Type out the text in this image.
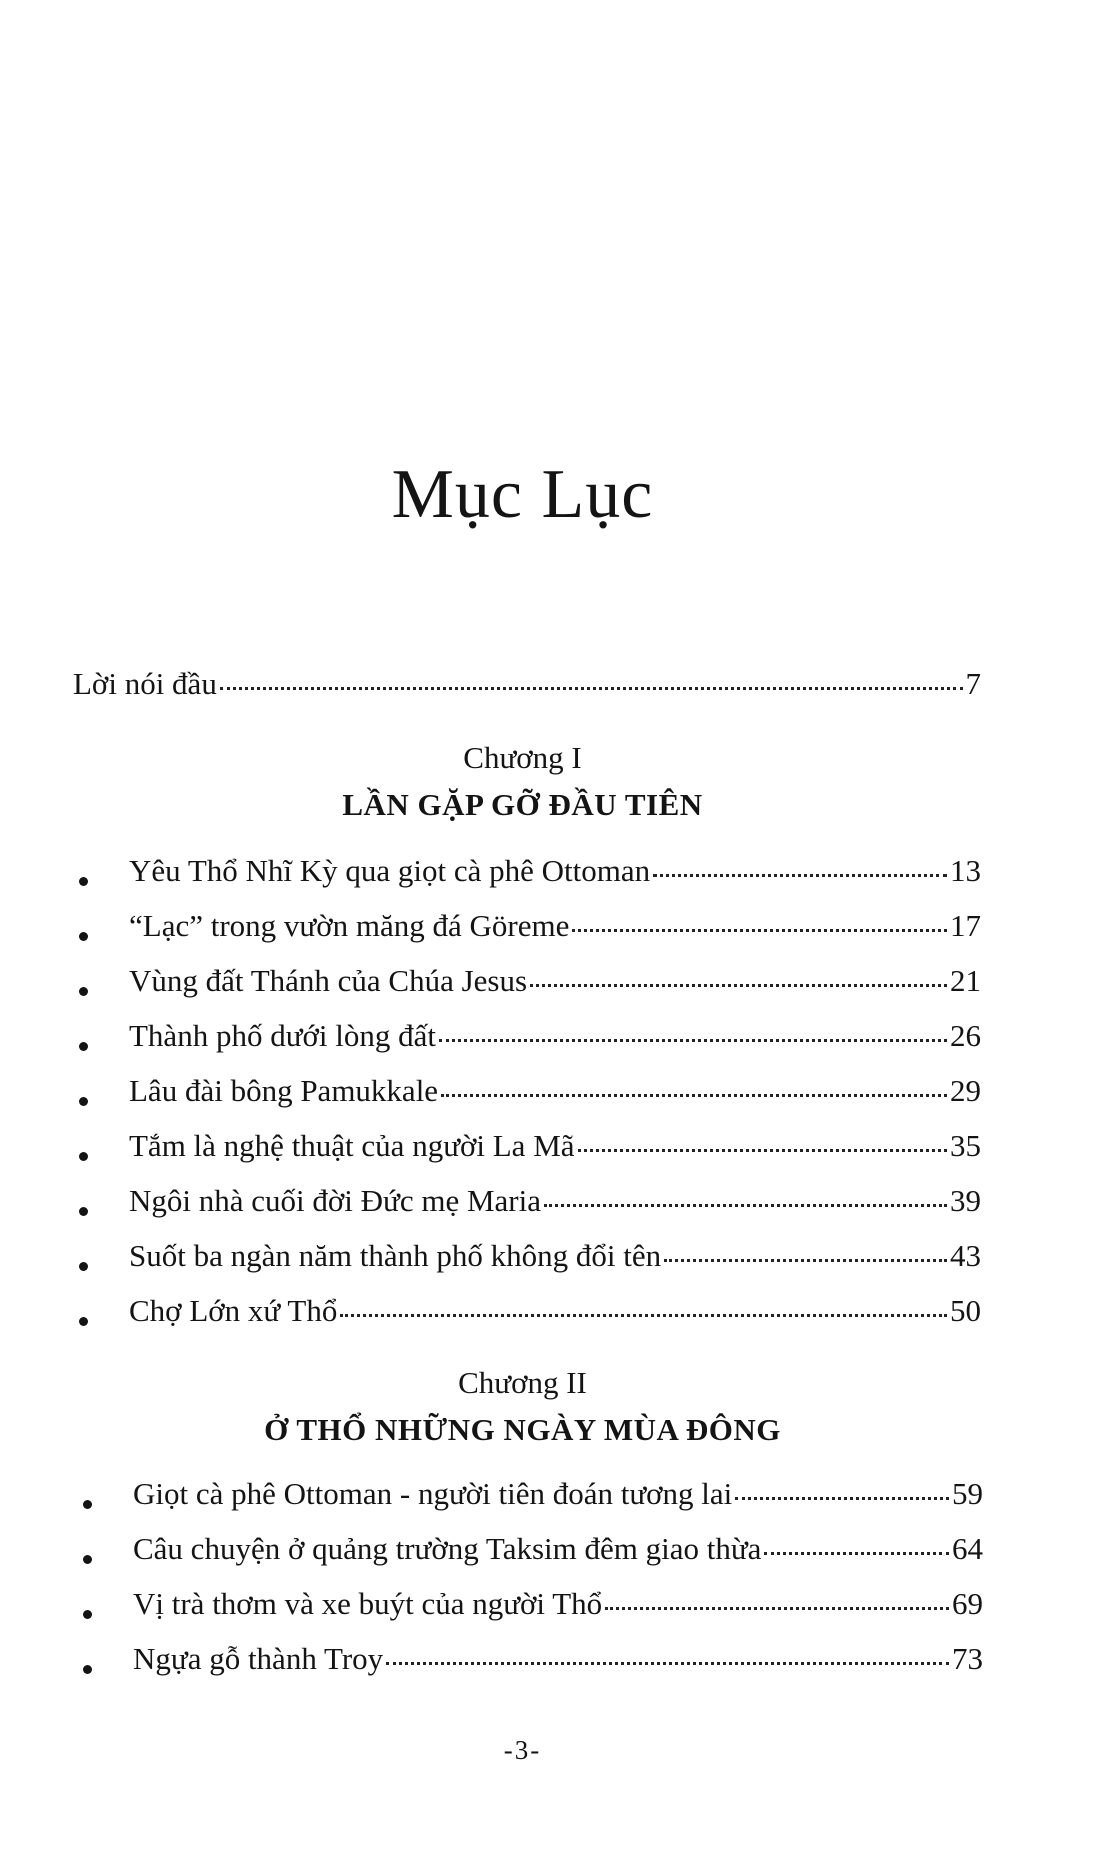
Mục Lục
Lời nói đầu	7
Chương I
LẦN GẶP GỠ ĐẦU TIÊN
Yêu Thổ Nhĩ Kỳ qua giọt cà phê Ottoman	13
“Lạc” trong vườn măng đá Göreme	17
Vùng đất Thánh của Chúa Jesus	21
Thành phố dưới lòng đất	26
Lâu đài bông Pamukkale	29
Tắm là nghệ thuật của người La Mã	35
Ngôi nhà cuối đời Đức mẹ Maria	39
Suốt ba ngàn năm thành phố không đổi tên	43
Chợ Lớn xứ Thổ	50
Chương II
Ở THỔ NHỮNG NGÀY MÙA ĐÔNG
Giọt cà phê Ottoman - người tiên đoán tương lai	59
Câu chuyện ở quảng trường Taksim đêm giao thừa	64
Vị trà thơm và xe buýt của người Thổ	69
Ngựa gỗ thành Troy	73
-3-
